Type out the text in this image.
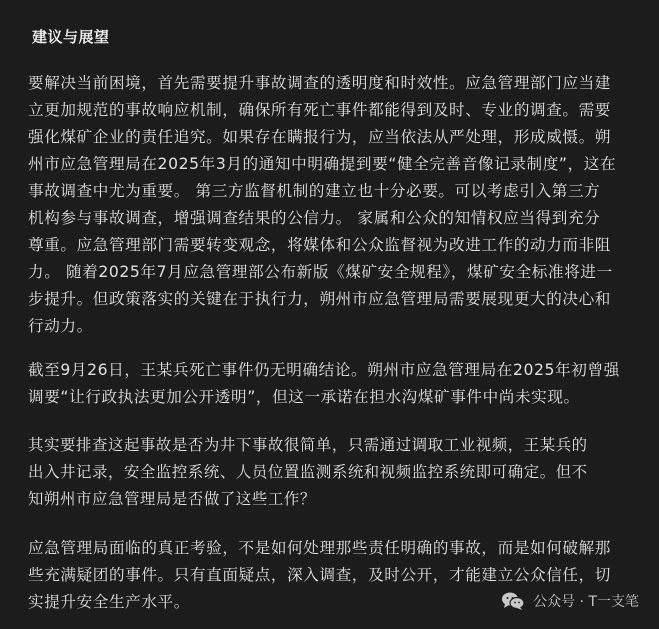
建议与展望

要解决当前困境，首先需要提升事故调查的透明度和时效性。应急管理部门应当建
立更加规范的事故响应机制，确保所有死亡事件都能得到及时、专业的调查。需要
强化煤矿企业的责任追究。如果存在瞒报行为，应当依法从严处理，形成威慑。朔
州市应急管理局在2025年3月的通知中明确提到要“健全完善音像记录制度”，这在
事故调查中尤为重要。 第三方监督机制的建立也十分必要。可以考虑引入第三方
机构参与事故调查，增强调查结果的公信力。 家属和公众的知情权应当得到充分
尊重。应急管理部门需要转变观念，将媒体和公众监督视为改进工作的动力而非阻
力。 随着2025年7月应急管理部公布新版《煤矿安全规程》，煤矿安全标准将进一
步提升。但政策落实的关键在于执行力，朔州市应急管理局需要展现更大的决心和
行动力。

截至9月26日，王某兵死亡事件仍无明确结论。朔州市应急管理局在2025年初曾强
调要“让行政执法更加公开透明”，但这一承诺在担水沟煤矿事件中尚未实现。

其实要排查这起事故是否为井下事故很简单，只需通过调取工业视频，王某兵的
出入井记录，安全监控系统、人员位置监测系统和视频监控系统即可确定。但不
知朔州市应急管理局是否做了这些工作？

应急管理局面临的真正考验，不是如何处理那些责任明确的事故，而是如何破解那
些充满疑团的事件。只有直面疑点，深入调查，及时公开，才能建立公众信任，切
实提升安全生产水平。	公众号 · T一支笔
